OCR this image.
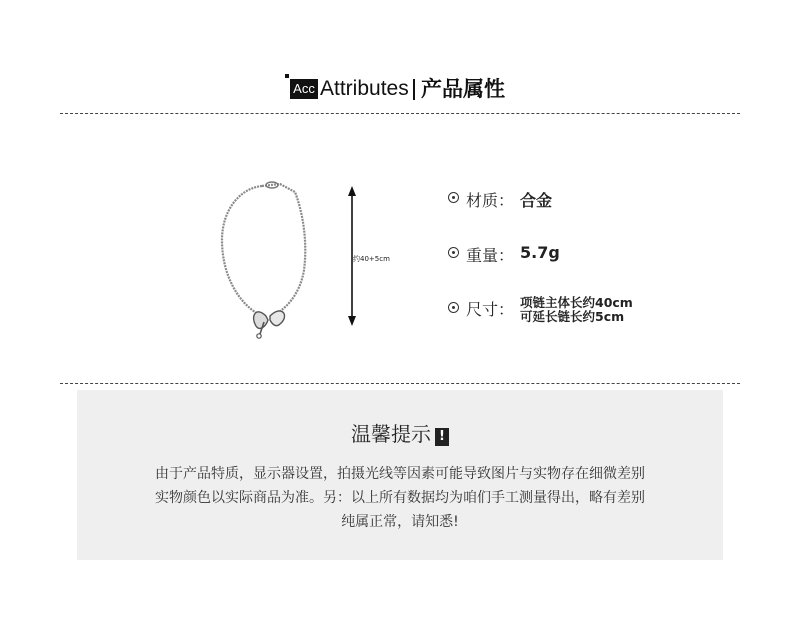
Acc Attributes 产品属性
约40+5cm
材质： 合金
重量： 5.7g
尺寸： 项链主体长约40cm
可延长链长约5cm
温馨提示 !
由于产品特质，显示器设置，拍摄光线等因素可能导致图片与实物存在细微差别
实物颜色以实际商品为准。另：以上所有数据均为咱们手工测量得出，略有差别
纯属正常，请知悉!
